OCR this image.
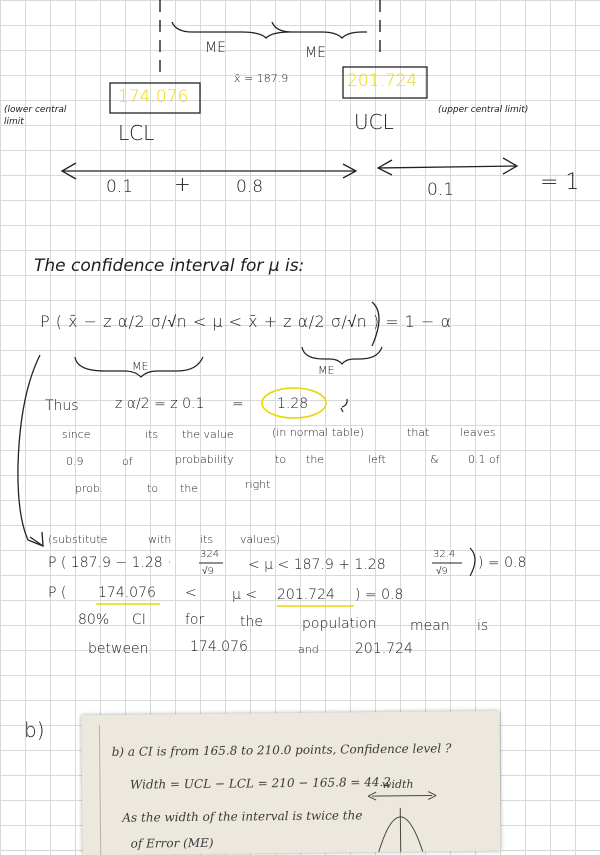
ME	ME
x̄ = 187.9
174.076
201.724
LCL	UCL
(lower central limit
(upper central limit)
0.1 +	0.8	0.1	= 1
The confidence interval for μ is:
P ( x̄ − z α/2 σ/√n < μ < x̄ + z α/2 σ/√n ) = 1 − α
ME	ME
Thus	z α/2 = z 0.1 = 1.28
since	its the value	(in normal table)	that	leaves
0.9	of	probability	to the	left	&	0.1 of
prob.	to the	right
(substitute	with	its values)
P ( 187.9 − 1.28 ·
324
√9 < μ < 187.9 + 1.28
32.4
√9
) = 0.8
P ( 174.076 <	μ < 201.724 ) = 0.8
80% CI	for	the	population mean is
between	174.076	and	201.724
b)
b) a CI is from 165.8 to 210.0 points, Confidence level ?
Width = UCL − LCL = 210 − 165.8 = 44.2
As the width of the interval is twice the
of Error (ME)
width
